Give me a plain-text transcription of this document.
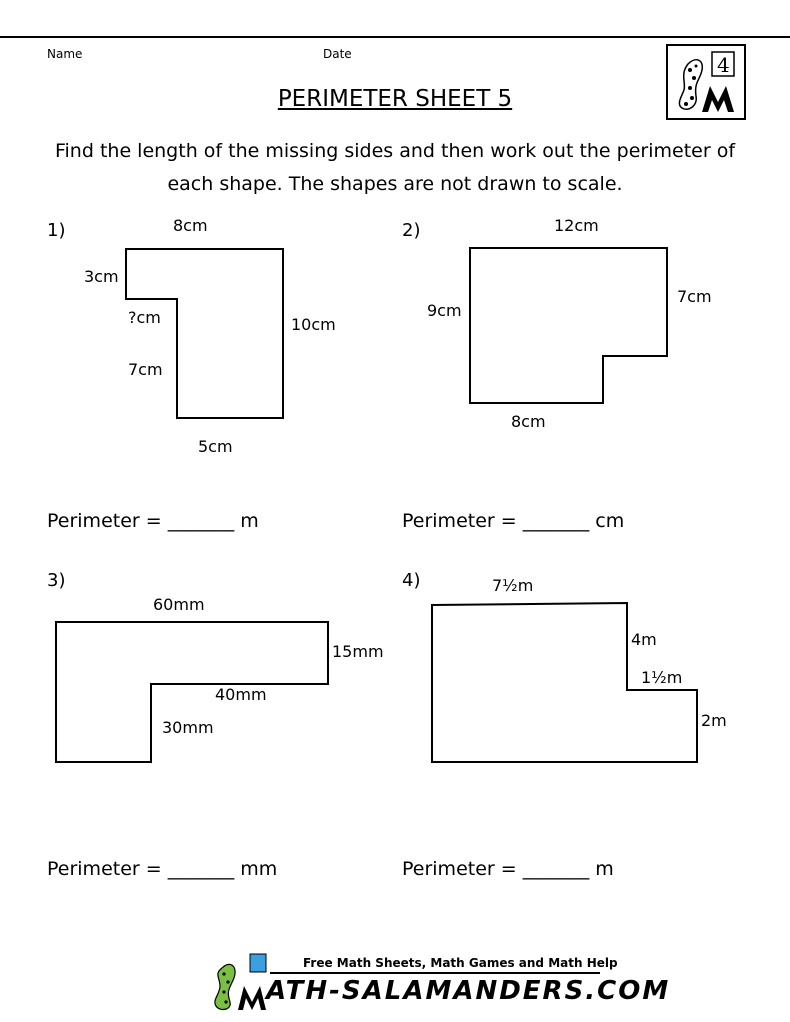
Name	Date	4
PERIMETER SHEET 5
Find the length of the missing sides and then work out the perimeter of each shape. The shapes are not drawn to scale.
1)	2)
3)	4)
8cm
3cm
?cm
7cm
10cm
5cm
12cm
9cm
7cm
8cm
60mm
15mm
40mm
30mm
7½m
4m
1½m
2m
Perimeter = _______ m	Perimeter = _______ cm
Perimeter = _______ mm	Perimeter = _______ m
Free Math Sheets, Math Games and Math Help
ATH-SALAMANDERS.COM
